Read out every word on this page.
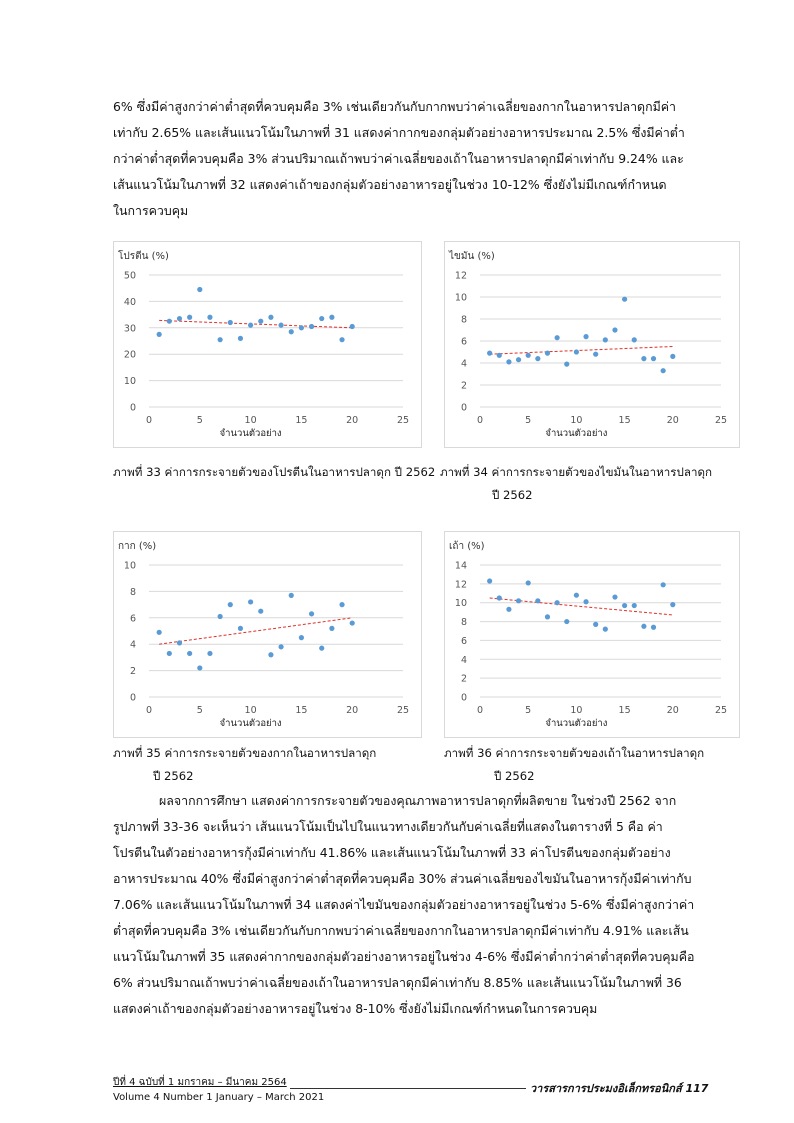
6% ซึ่งมีค่าสูงกว่าค่าต่ำสุดที่ควบคุมคือ 3% เช่นเดียวกันกับกากพบว่าค่าเฉลี่ยของกากในอาหารปลาดุกมีค่า
เท่ากับ 2.65% และเส้นแนวโน้มในภาพที่ 31 แสดงค่ากากของกลุ่มตัวอย่างอาหารประมาณ 2.5% ซึ่งมีค่าต่ำ
กว่าค่าต่ำสุดที่ควบคุมคือ 3% ส่วนปริมาณเถ้าพบว่าค่าเฉลี่ยของเถ้าในอาหารปลาดุกมีค่าเท่ากับ 9.24% และ
เส้นแนวโน้มในภาพที่ 32 แสดงค่าเถ้าของกลุ่มตัวอย่างอาหารอยู่ในช่วง 10-12% ซึ่งยังไม่มีเกณฑ์กำหนด
ในการควบคุม

โปรตีน (%)
0
10
20
30
40
50
0	5	10	15	20	25
จำนวนตัวอย่าง
ไขมัน (%)
0
2
4
6
8
10
12
0	5	10	15	20	25
จำนวนตัวอย่าง
กาก (%)
0
2
4
6
8
10
0	5	10	15	20	25
จำนวนตัวอย่าง
เถ้า (%)
0
2
4
6
8
10
12
14
0	5	10	15	20	25
จำนวนตัวอย่าง

ภาพที่ 33 ค่าการกระจายตัวของโปรตีนในอาหารปลาดุก ปี 2562 ภาพที่ 34 ค่าการกระจายตัวของไขมันในอาหารปลาดุก
ปี 2562

ภาพที่ 35 ค่าการกระจายตัวของกากในอาหารปลาดุก
ปี 2562

ภาพที่ 36 ค่าการกระจายตัวของเถ้าในอาหารปลาดุก
ปี 2562

ผลจากการศึกษา แสดงค่าการกระจายตัวของคุณภาพอาหารปลาดุกที่ผลิตขาย ในช่วงปี 2562 จาก
รูปภาพที่ 33-36 จะเห็นว่า เส้นแนวโน้มเป็นไปในแนวทางเดียวกันกับค่าเฉลี่ยที่แสดงในตารางที่ 5 คือ ค่า
โปรตีนในตัวอย่างอาหารกุ้งมีค่าเท่ากับ 41.86% และเส้นแนวโน้มในภาพที่ 33 ค่าโปรตีนของกลุ่มตัวอย่าง
อาหารประมาณ 40% ซึ่งมีค่าสูงกว่าค่าต่ำสุดที่ควบคุมคือ 30% ส่วนค่าเฉลี่ยของไขมันในอาหารกุ้งมีค่าเท่ากับ
7.06% และเส้นแนวโน้มในภาพที่ 34 แสดงค่าไขมันของกลุ่มตัวอย่างอาหารอยู่ในช่วง 5-6% ซึ่งมีค่าสูงกว่าค่า
ต่ำสุดที่ควบคุมคือ 3% เช่นเดียวกันกับกากพบว่าค่าเฉลี่ยของกากในอาหารปลาดุกมีค่าเท่ากับ 4.91% และเส้น
แนวโน้มในภาพที่ 35 แสดงค่ากากของกลุ่มตัวอย่างอาหารอยู่ในช่วง 4-6% ซึ่งมีค่าต่ำกว่าค่าต่ำสุดที่ควบคุมคือ
6% ส่วนปริมาณเถ้าพบว่าค่าเฉลี่ยของเถ้าในอาหารปลาดุกมีค่าเท่ากับ 8.85% และเส้นแนวโน้มในภาพที่ 36
แสดงค่าเถ้าของกลุ่มตัวอย่างอาหารอยู่ในช่วง 8-10% ซึ่งยังไม่มีเกณฑ์กำหนดในการควบคุม

ปีที่ 4 ฉบับที่ 1 มกราคม – มีนาคม 2564
Volume 4 Number 1 January – March 2021
วารสารการประมงอิเล็กทรอนิกส์ 117
